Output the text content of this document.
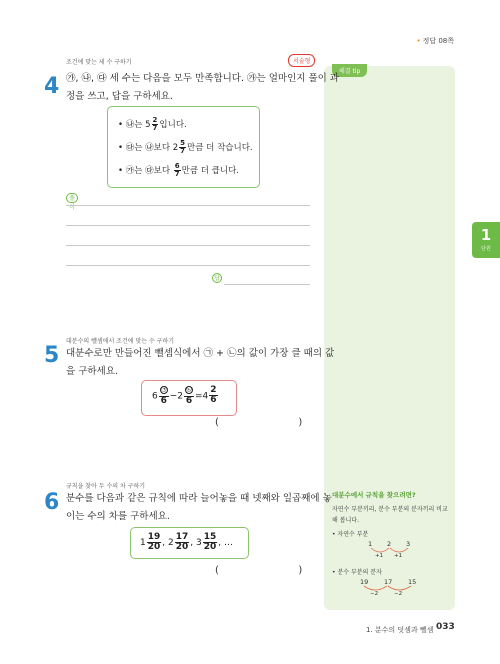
• 정답 08쪽
1
단원
해결 tip
대분수에서 규칙을 찾으려면?
자연수 부분끼리, 분수 부분의 분자끼리 비교해 봅니다.
• 자연수 부분
1 2 3
+1 +1
• 분수 부분의 분자
19 17 15
−2	−2
4
조건에 맞는 세 수 구하기	서술형
㉮, ㉯, ㉰ 세 수는 다음을 모두 만족합니다. ㉮는 얼마인지 풀이 과
정을 쓰고, 답을 구하세요.
• ㉯는 $5 \frac{2}{7}$ 입니다.
• ㉰는 ㉯보다 $2 \frac{5}{7}$ 만큼 더 작습니다.
• ㉮는 ㉰보다 $\frac{6}{7}$ 만큼 더 큽니다.
풀이
답
5
대분수의 뺄셈에서 조건에 맞는 수 구하기
대분수로만 만들어진 뺄셈식에서 ㉠ + ㉡의 값이 가장 클 때의 값
을 구하세요.
$6 \frac{㉠}{6} -2 \frac{㉡}{6} =4 \frac{2}{6}$
(                         )
6
규칙을 찾아 두 수의 차 구하기
분수를 다음과 같은 규칙에 따라 늘어놓을 때 넷째와 일곱째에 놓
이는 수의 차를 구하세요.
$1 \frac{19}{20}$ , $2 \frac{17}{20}$ , $3 \frac{15}{20}$ , …
(                         )
1. 분수의 덧셈과 뺄셈 033
